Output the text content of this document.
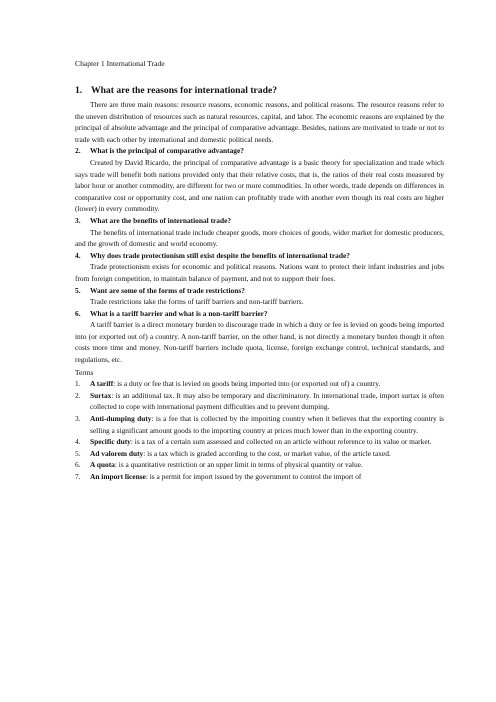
Chapter 1 International Trade
1. What are the reasons for international trade?
There are three main reasons: resource reasons, economic reasons, and political reasons. The resource reasons refer to the uneven distribution of resources such as natural resources, capital, and labor. The economic reasons are explained by the principal of absolute advantage and the principal of comparative advantage. Besides, nations are motivated to trade or not to trade with each other by international and domestic political needs.
2.	What is the principal of comparative advantage?
Created by David Ricardo, the principal of comparative advantage is a basic theory for specialization and trade which says trade will benefit both nations provided only that their relative costs, that is, the ratios of their real costs measured by labor hour or another commodity, are different for two or more commodities. In other words, trade depends on differences in comparative cost or opportunity cost, and one nation can profitably trade with another even though its real costs are higher (lower) in every commodity.
3.	What are the benefits of international trade?
The benefits of international trade include cheaper goods, more choices of goods, wider market for domestic producers, and the growth of domestic and world economy.
4.	Why does trade protectionism still exist despite the benefits of international trade?
Trade protectionism exists for economic and political reasons. Nations want to protect their infant industries and jobs from foreign competition, to maintain balance of payment, and not to support their foes.
5.	Want are some of the forms of trade restrictions?
Trade restrictions take the forms of tariff barriers and non-tariff barriers.
6.	What is a tariff barrier and what is a non-tariff barrier?
A tariff barrier is a direct monetary burden to discourage trade in which a duty or fee is levied on goods being imported into (or exported out of) a country. A non-tariff barrier, on the other hand, is not directly a monetary burden though it often costs more time and money. Non-tariff barriers include quota, license, foreign exchange control, technical standards, and regulations, etc.
Terms
1.	A tariff: is a duty or fee that is levied on goods being imported into (or exported out of) a country.
2.	Surtax: is an additional tax. It may also be temporary and discriminatory. In international trade, import surtax is often collected to cope with international payment difficulties and to prevent dumping.
3.	Anti-dumping duty: is a fee that is collected by the importing country when it believes that the exporting country is selling a significant amount goods to the importing country at prices much lower than in the exporting country.
4.	Specific duty: is a tax of a certain sum assessed and collected on an article without reference to its value or market.
5.	Ad valorem duty: is a tax which is graded according to the cost, or market value, of the article taxed.
6.	A quota: is a quantitative restriction or an upper limit in terms of physical quantity or value.
7.	An import license: is a permit for import issued by the government to control the import of
